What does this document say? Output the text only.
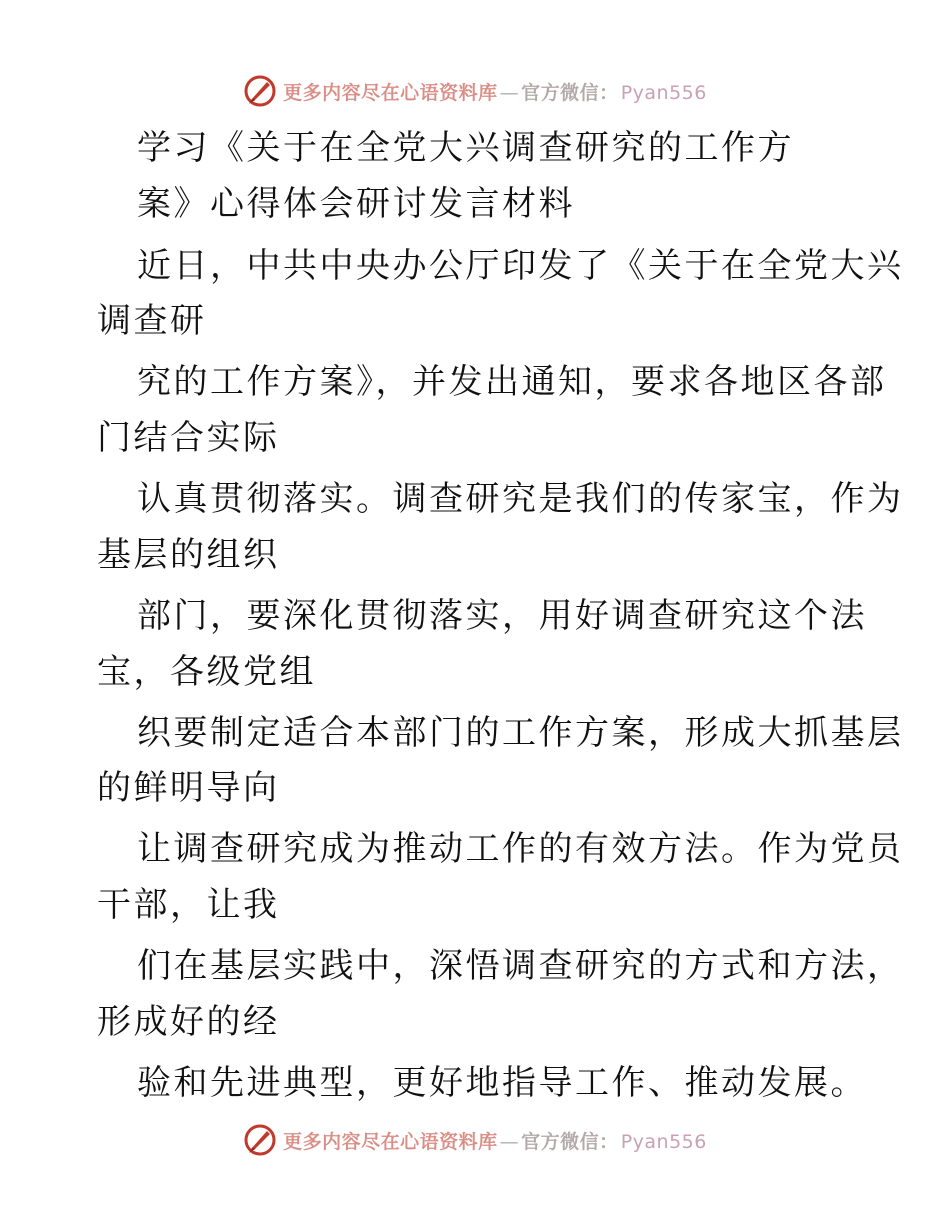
更多内容尽在心语资料库 — 官方微信： Pyan556
学习《关于在全党大兴调查研究的工作方
案》心得体会研讨发言材料
近日，中共中央办公厅印发了《关于在全党大兴
调查研
究的工作方案》，并发出通知，要求各地区各部
门结合实际
认真贯彻落实。调查研究是我们的传家宝，作为
基层的组织
部门，要深化贯彻落实，用好调查研究这个法
宝，各级党组
织要制定适合本部门的工作方案，形成大抓基层
的鲜明导向
让调查研究成为推动工作的有效方法。作为党员
干部，让我
们在基层实践中，深悟调查研究的方式和方法，
形成好的经
验和先进典型，更好地指导工作、推动发展。
更多内容尽在心语资料库 — 官方微信： Pyan556
